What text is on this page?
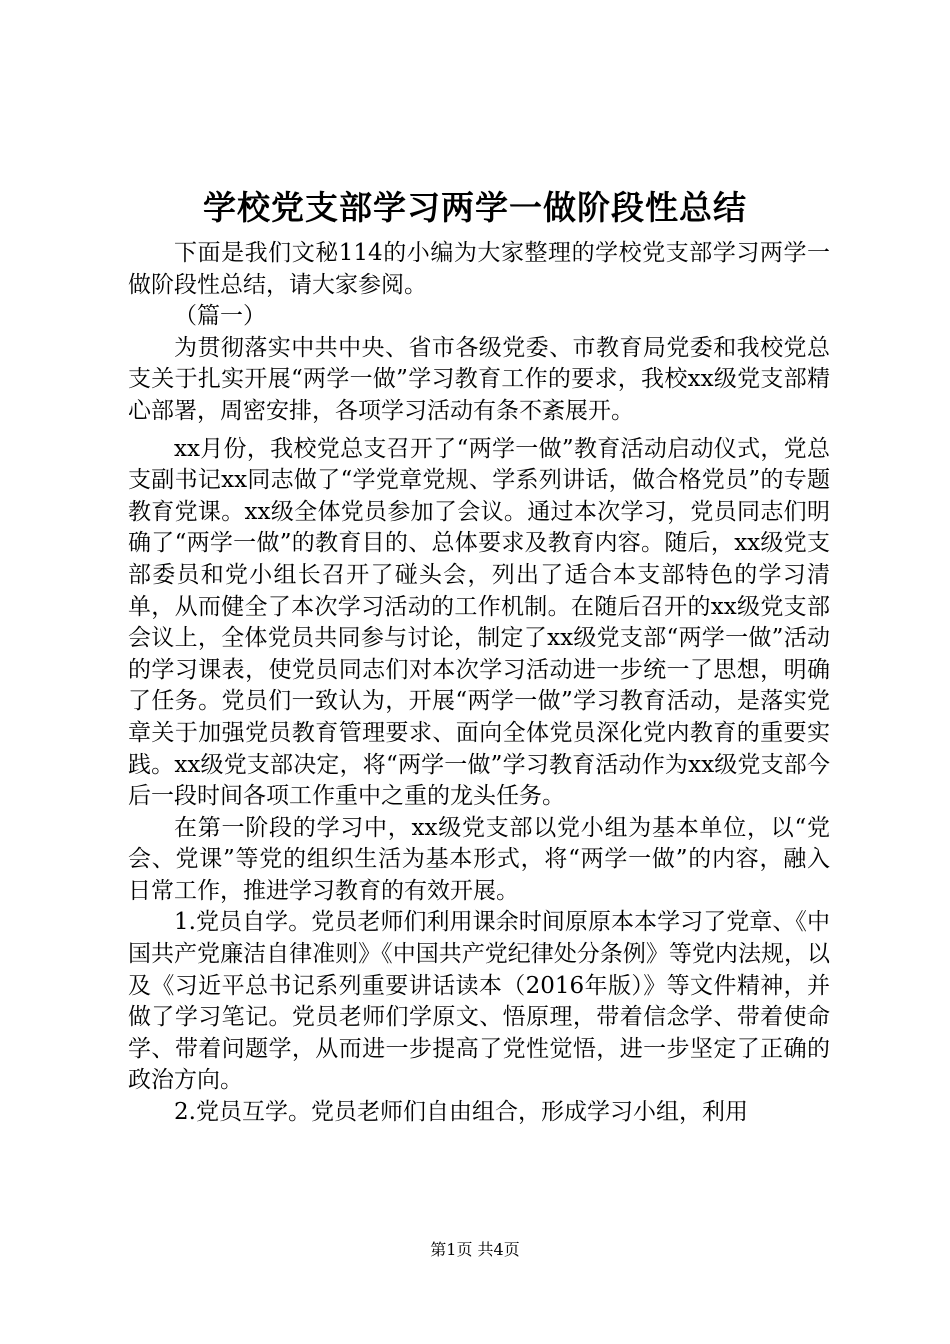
学校党支部学习两学一做阶段性总结

下面是我们文秘114的小编为大家整理的学校党支部学习两学一做阶段性总结，请大家参阅。

（篇一）

为贯彻落实中共中央、省市各级党委、市教育局党委和我校党总支关于扎实开展“两学一做”学习教育工作的要求，我校xx级党支部精心部署，周密安排，各项学习活动有条不紊展开。

xx月份，我校党总支召开了“两学一做”教育活动启动仪式，党总支副书记xx同志做了“学党章党规、学系列讲话，做合格党员”的专题教育党课。xx级全体党员参加了会议。通过本次学习，党员同志们明确了“两学一做”的教育目的、总体要求及教育内容。随后，xx级党支部委员和党小组长召开了碰头会，列出了适合本支部特色的学习清单，从而健全了本次学习活动的工作机制。在随后召开的xx级党支部会议上，全体党员共同参与讨论，制定了xx级党支部“两学一做”活动的学习课表，使党员同志们对本次学习活动进一步统一了思想，明确了任务。党员们一致认为，开展“两学一做”学习教育活动，是落实党章关于加强党员教育管理要求、面向全体党员深化党内教育的重要实践。xx级党支部决定，将“两学一做”学习教育活动作为xx级党支部今后一段时间各项工作重中之重的龙头任务。

在第一阶段的学习中，xx级党支部以党小组为基本单位，以“党会、党课”等党的组织生活为基本形式，将“两学一做”的内容，融入日常工作，推进学习教育的有效开展。

1.党员自学。党员老师们利用课余时间原原本本学习了党章、《中国共产党廉洁自律准则》《中国共产党纪律处分条例》等党内法规，以及《习近平总书记系列重要讲话读本（2016年版）》等文件精神，并做了学习笔记。党员老师们学原文、悟原理，带着信念学、带着使命学、带着问题学，从而进一步提高了党性觉悟，进一步坚定了正确的政治方向。

2.党员互学。党员老师们自由组合，形成学习小组，利用

第1页 共4页
